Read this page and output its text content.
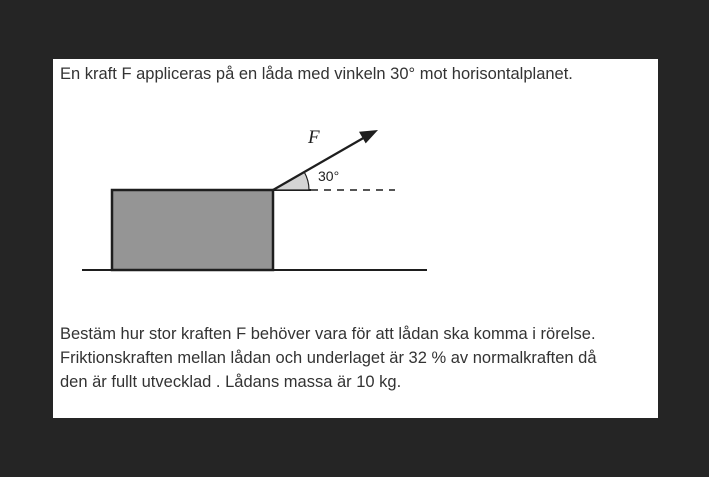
En kraft F appliceras på en låda med vinkeln 30° mot horisontalplanet.

F
30°

Bestäm hur stor kraften F behöver vara för att lådan ska komma i rörelse.
Friktionskraften mellan lådan och underlaget är 32 % av normalkraften då
den är fullt utvecklad . Lådans massa är 10 kg.
